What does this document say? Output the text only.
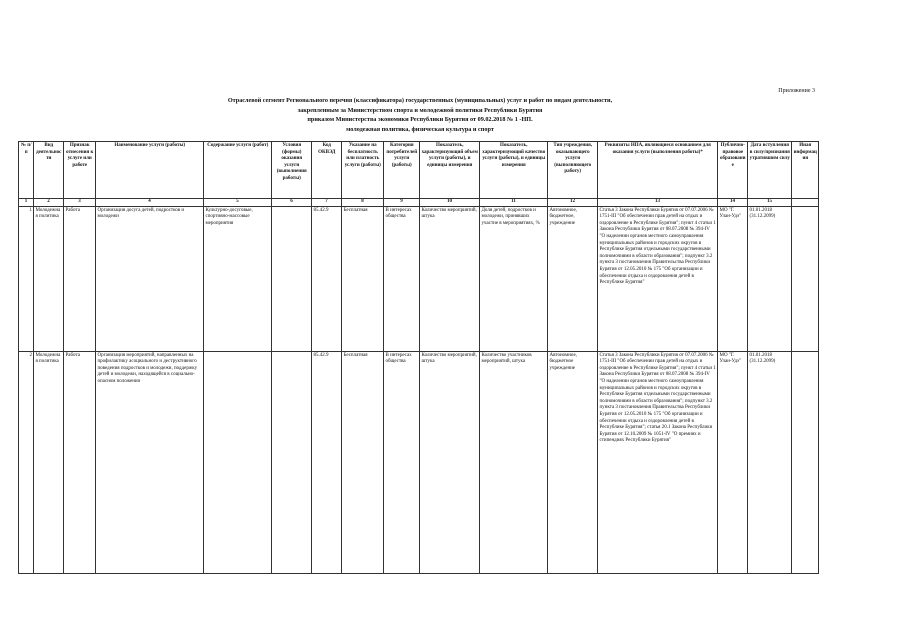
Приложение 3
Отраслевой сегмент Регионального перечня (классификатора) государственных (муниципальных) услуг и работ по видам деятельности,
закрепленным за Министерством спорта и молодежной политики Республики Бурятия
приказом Министерства экономики Республики Бурятия от 09.02.2018 № 1 -НП.
молодежная политика, физическая культура и спорт
№ п/п	Вид деятельности	Признак отнесения к услуге или работе	Наименование услуги (работы)	Содержание услуги (работ)	Условия (формы) оказания услуги (выполнения работы)	Код ОКВЭД	Указание на бесплатность или платность услуги (работы)	Категория потребителей услуги (работы)	Показатель, характеризующий объем услуги (работы), и единицы измерения	Показатель, характеризующий качество услуги (работы), и единицы измерения	Тип учреждения, оказывающего услуги (выполняющего работу)	Реквизиты НПА, являющиеся основанием для оказания услуги (выполнения работы)*	Публично-правовое образование	Дата вступления в силу/признания утратившим силу	Иная информация
1	2	3	4	5	6	7	8	9	10	11	12	13	14	15	
1	Молодежная политика	Работа	Организация досуга детей, подростков и молодежи	Культурно-досуговые, спортивно-массовые мероприятия		85.42.9	Бесплатная	В интересах общества	Количество мероприятий, штука	Доля детей, подростков и молодежи, принявших участие в мероприятиях, %	Автономное, бюджетное, учреждение	Статья 3 Закона Республики Бурятия от 07.07.2006 № 1751-III "Об обеспечении прав детей на отдых и оздоровление в Республике Бурятия"; пункт 4 статьи 1 Закона Республики Бурятия от 08.07.2008 № 394-IV "О наделении органов местного самоуправления муниципальных районов и городских округов в Республике Бурятия отдельными государственными полномочиями в области образования"; подпункт 3.2 пункта 3 постановления Правительства Республики Бурятия от 12.05.2010 № 175 "Об организации и обеспечении отдыха и оздоровления детей в Республике Бурятия"	МО "Г. Улан-Удэ"	01.01.2018 (31.12.2099)	
2	Молодежная политика	Работа	Организация мероприятий, направленных на профилактику асоциального и деструктивного поведения подростков и молодежи, поддержку детей и молодежи, находящейся в социально-опасном положении			85.42.9	Бесплатная	В интересах общества	Количество мероприятий, штука	Количество участников мероприятий, штука	Автономное, бюджетное учреждение	Статья 3 Закона Республики Бурятия от 07.07.2006 № 1751-III "Об обеспечении прав детей на отдых и оздоровление в Республике Бурятия"; пункт 4 статьи 1 Закона Республики Бурятия от 08.07.2008 № 394-IV "О наделении органов местного самоуправления муниципальных районов и городских округов в Республике Бурятия отдельными государственными полномочиями в области образования"; подпункт 3.2 пункта 3 постановления Правительства Республики Бурятия от 12.05.2010 № 175 "Об организации и обеспечении отдыха и оздоровления детей в Республике Бурятия"; статья 20.1 Закона Республики Бурятия от 12.10.2009 № 1051-IV "О премиях и стипендиях Республики Бурятия"	МО "Г. Улан-Удэ"	01.01.2018 (31.12.2099)	
